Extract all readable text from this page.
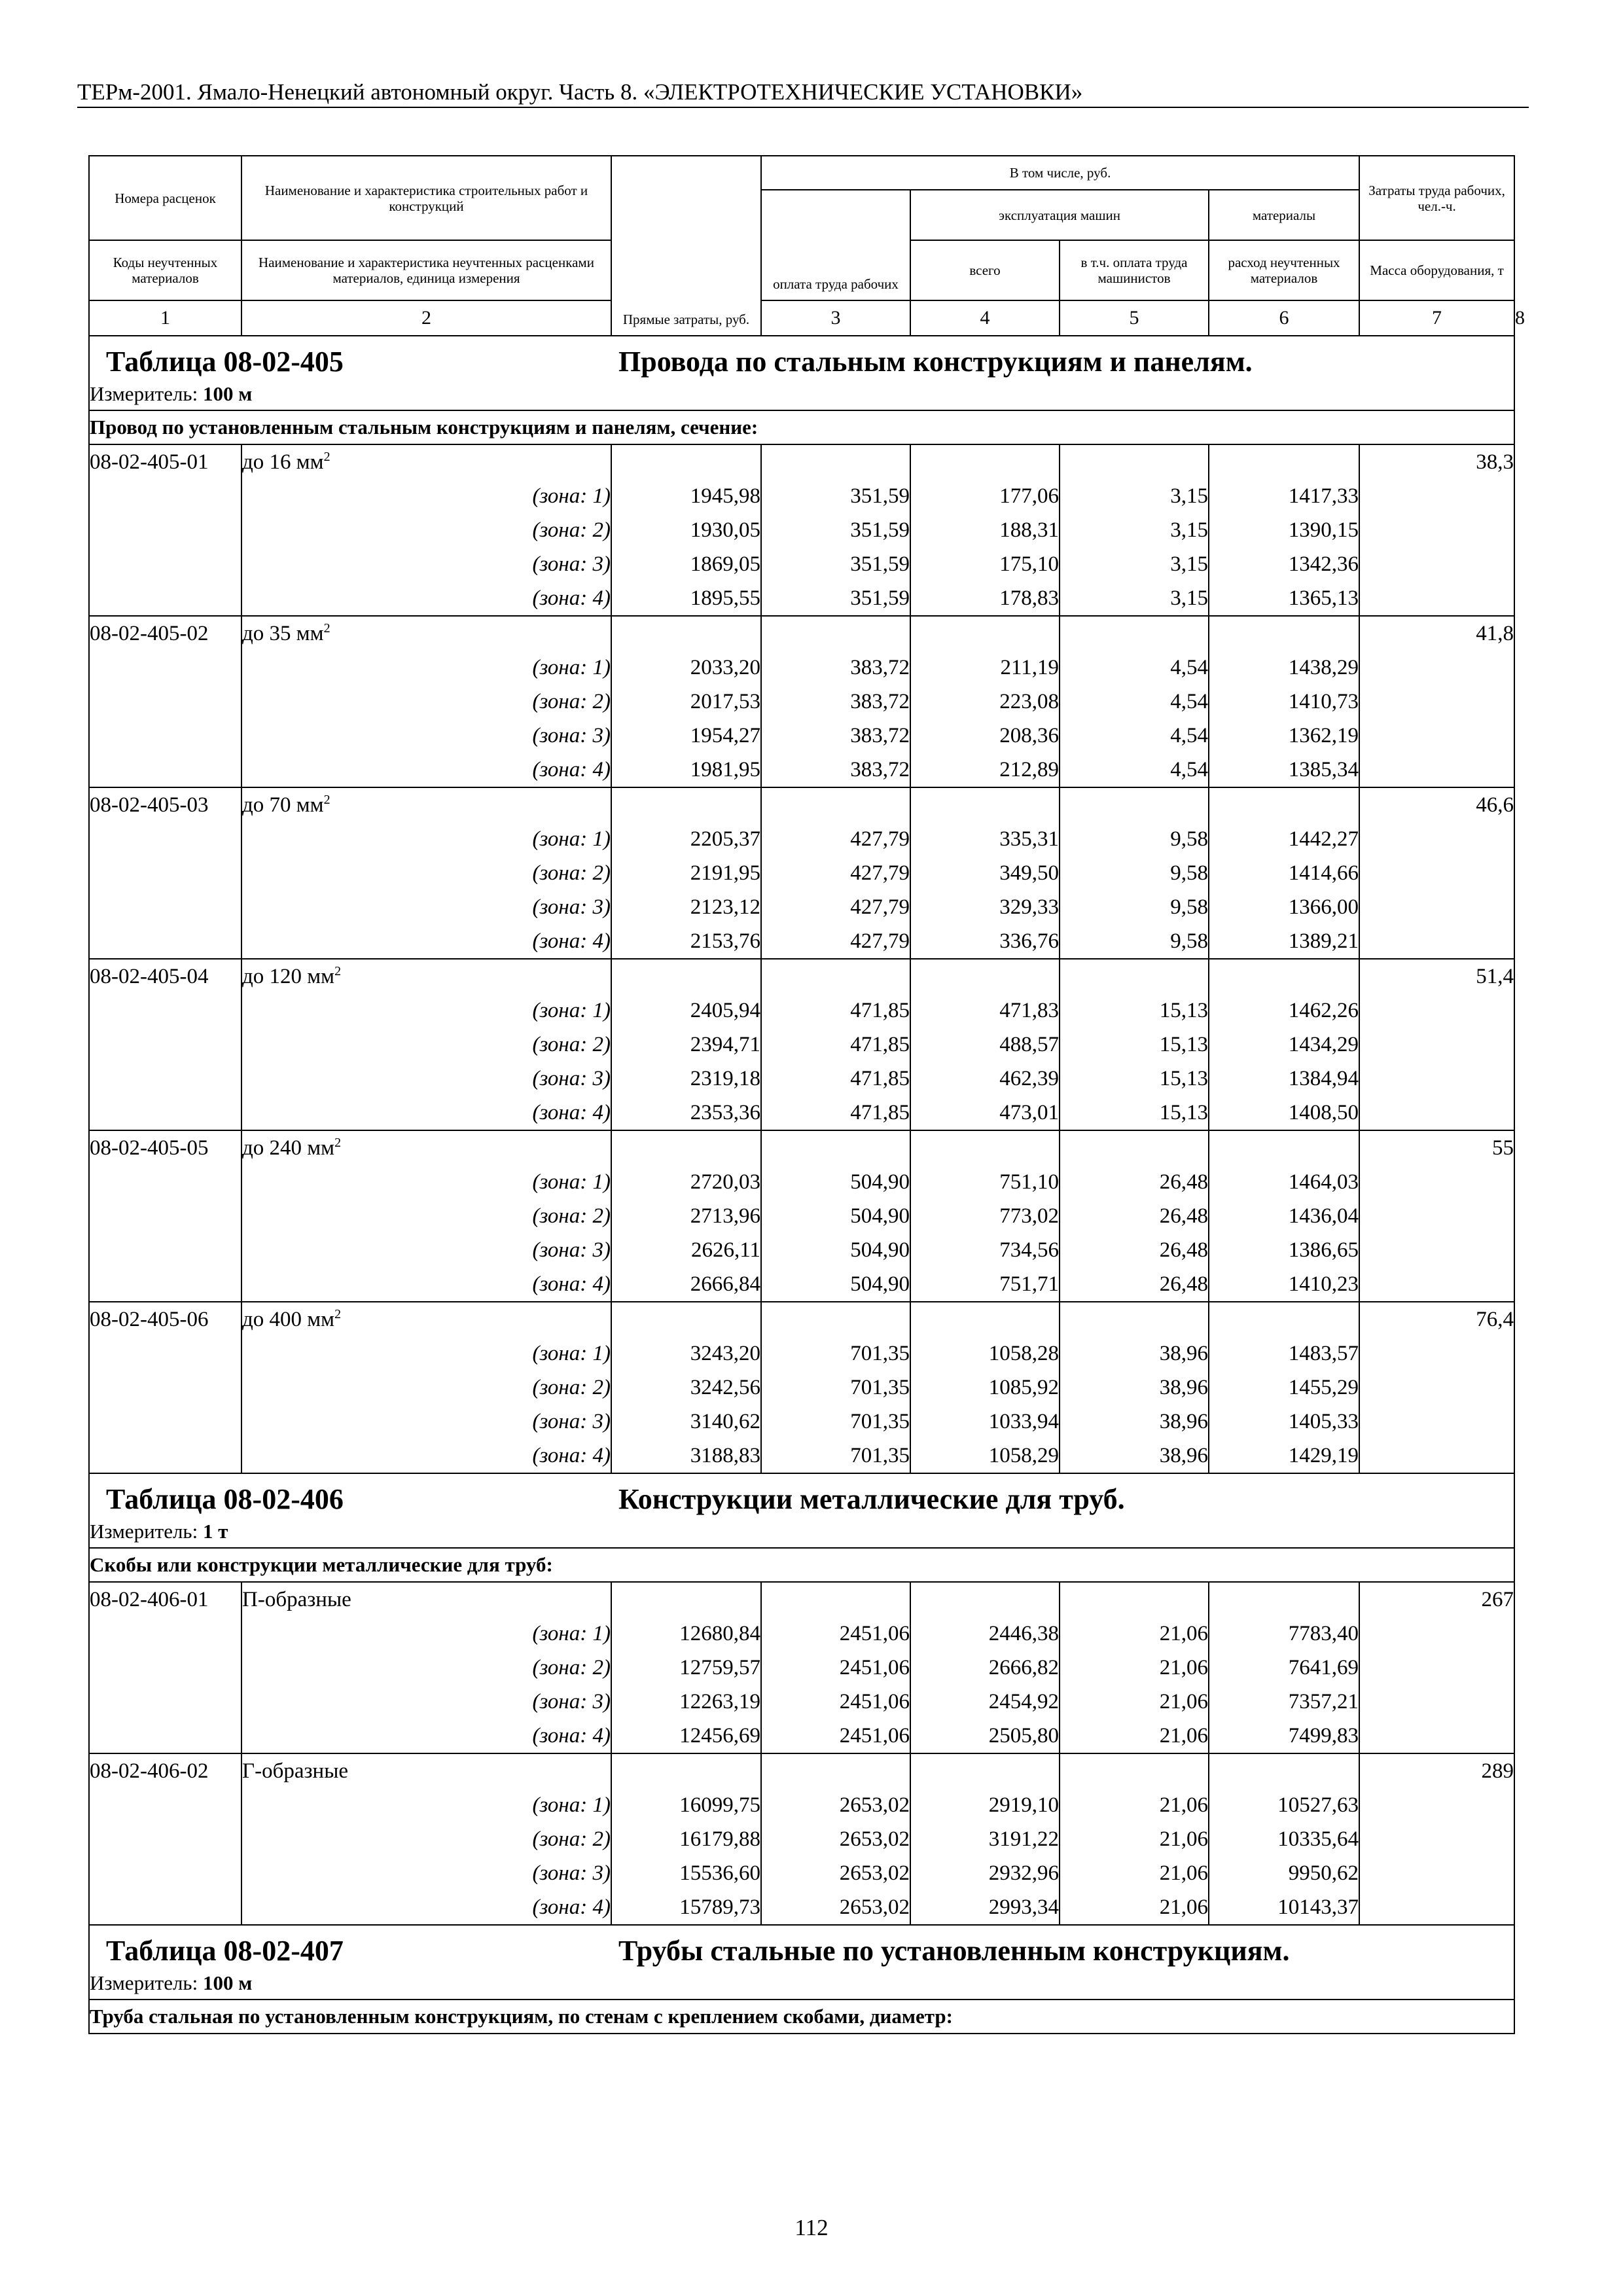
ТЕРм-2001. Ямало-Ненецкий автономный округ. Часть 8. «ЭЛЕКТРОТЕХНИЧЕСКИЕ УСТАНОВКИ»
Номера расценок	Наименование и характеристика строительных работ и конструкций	Прямые затраты, руб.	В том числе, руб.				Затраты труда рабочих, чел.-ч.	
			оплата труда рабочих	эксплуатация машин		материалы		
Коды неучтенных материалов	Наименование и характеристика неучтенных расценками материалов, единица измерения			всего	в т.ч. оплата труда машинистов	расход неучтенных материалов	Масса оборудования, т	
1	2		3	4	5	6	7	8
Таблица 08-02-405 Провода по стальным конструкциям и панелям.								
Измеритель: 100 м								
Провод по установленным стальным конструкциям и панелям, сечение:								
08-02-405-01	до 16 $мм^2$						38,3	
	(зона: 1)	1945,98	351,59	177,06	3,15	1417,33		
	(зона: 2)	1930,05	351,59	188,31	3,15	1390,15		
	(зона: 3)	1869,05	351,59	175,10	3,15	1342,36		
	(зона: 4)	1895,55	351,59	178,83	3,15	1365,13		
08-02-405-02	до 35 $мм^2$						41,8	
	(зона: 1)	2033,20	383,72	211,19	4,54	1438,29		
	(зона: 2)	2017,53	383,72	223,08	4,54	1410,73		
	(зона: 3)	1954,27	383,72	208,36	4,54	1362,19		
	(зона: 4)	1981,95	383,72	212,89	4,54	1385,34		
08-02-405-03	до 70 $мм^2$						46,6	
	(зона: 1)	2205,37	427,79	335,31	9,58	1442,27		
	(зона: 2)	2191,95	427,79	349,50	9,58	1414,66		
	(зона: 3)	2123,12	427,79	329,33	9,58	1366,00		
	(зона: 4)	2153,76	427,79	336,76	9,58	1389,21		
08-02-405-04	до 120 $мм^2$						51,4	
	(зона: 1)	2405,94	471,85	471,83	15,13	1462,26		
	(зона: 2)	2394,71	471,85	488,57	15,13	1434,29		
	(зона: 3)	2319,18	471,85	462,39	15,13	1384,94		
	(зона: 4)	2353,36	471,85	473,01	15,13	1408,50		
08-02-405-05	до 240 $мм^2$						55	
	(зона: 1)	2720,03	504,90	751,10	26,48	1464,03		
	(зона: 2)	2713,96	504,90	773,02	26,48	1436,04		
	(зона: 3)	2626,11	504,90	734,56	26,48	1386,65		
	(зона: 4)	2666,84	504,90	751,71	26,48	1410,23		
08-02-405-06	до 400 $мм^2$						76,4	
	(зона: 1)	3243,20	701,35	1058,28	38,96	1483,57		
	(зона: 2)	3242,56	701,35	1085,92	38,96	1455,29		
	(зона: 3)	3140,62	701,35	1033,94	38,96	1405,33		
	(зона: 4)	3188,83	701,35	1058,29	38,96	1429,19		
Таблица 08-02-406 Конструкции металлические для труб.								
Измеритель: 1 т								
Скобы или конструкции металлические для труб:								
08-02-406-01	П-образные						267	
	(зона: 1)	12680,84	2451,06	2446,38	21,06	7783,40		
	(зона: 2)	12759,57	2451,06	2666,82	21,06	7641,69		
	(зона: 3)	12263,19	2451,06	2454,92	21,06	7357,21		
	(зона: 4)	12456,69	2451,06	2505,80	21,06	7499,83		
08-02-406-02	Г-образные						289	
	(зона: 1)	16099,75	2653,02	2919,10	21,06	10527,63		
	(зона: 2)	16179,88	2653,02	3191,22	21,06	10335,64		
	(зона: 3)	15536,60	2653,02	2932,96	21,06	9950,62		
	(зона: 4)	15789,73	2653,02	2993,34	21,06	10143,37		
Таблица 08-02-407 Трубы стальные по установленным конструкциям.								
Измеритель: 100 м								
Труба стальная по установленным конструкциям, по стенам с креплением скобами, диаметр:								
112
